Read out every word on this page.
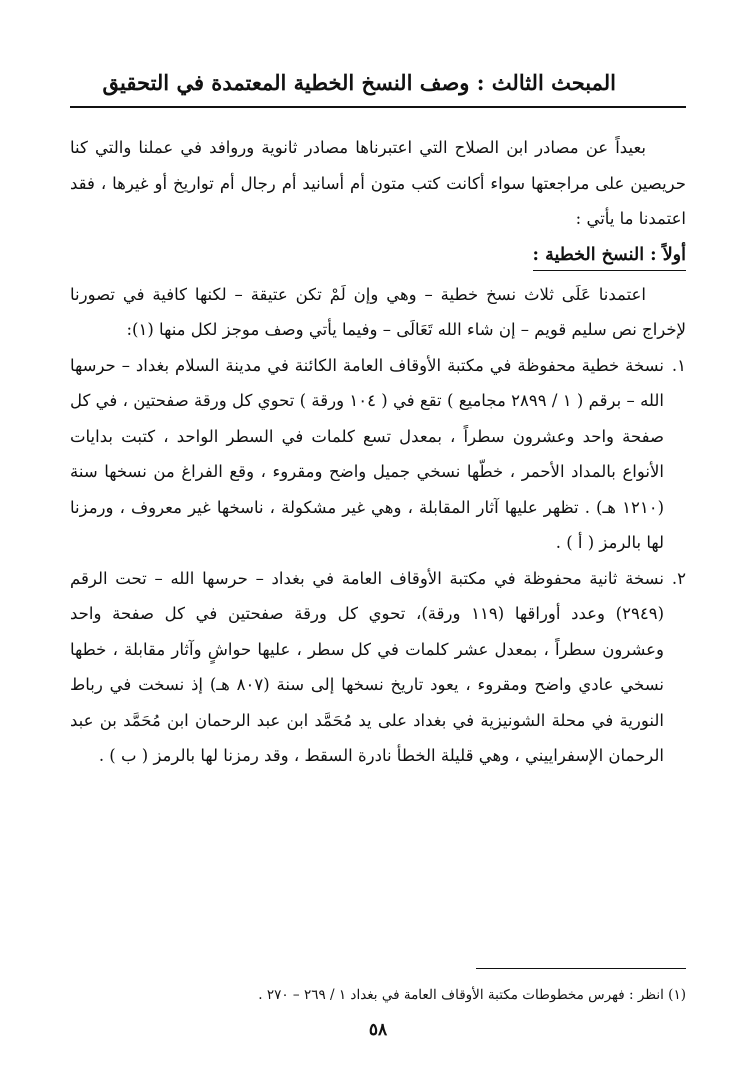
المبحث الثالث : وصف النسخ الخطية المعتمدة في التحقيق

بعيداً عن مصادر ابن الصلاح التي اعتبرناها مصادر ثانوية وروافد في عملنا والتي كنا حريصين على مراجعتها سواء أكانت كتب متون أم أسانيد أم رجال أم تواريخ أو غيرها ، فقد اعتمدنا ما يأتي :

أولاً : النسخ الخطية :

اعتمدنا عَلَى ثلاث نسخ خطية – وهي وإن لَمْ تكن عتيقة – لكنها كافية في تصورنا لإخراج نص سليم قويم – إن شاء الله تَعَالَى – وفيما يأتي وصف موجز لكل منها (١):

١.
نسخة خطية محفوظة في مكتبة الأوقاف العامة الكائنة في مدينة السلام بغداد – حرسها الله – برقم ( ١ / ٢٨٩٩ مجاميع ) تقع في ( ١٠٤ ورقة ) تحوي كل ورقة صفحتين ، في كل صفحة واحد وعشرون سطراً ، بمعدل تسع كلمات في السطر الواحد ، كتبت بدايات الأنواع بالمداد الأحمر ، خطّها نسخي جميل واضح ومقروء ، وقع الفراغ من نسخها سنة (١٢١٠ هـ) . تظهر عليها آثار المقابلة ، وهي غير مشكولة ، ناسخها غير معروف ، ورمزنا لها بالرمز ( أ ) .
٢.
نسخة ثانية محفوظة في مكتبة الأوقاف العامة في بغداد – حرسها الله – تحت الرقم (٢٩٤٩) وعدد أوراقها (١١٩ ورقة)، تحوي كل ورقة صفحتين في كل صفحة واحد وعشرون سطراً ، بمعدل عشر كلمات في كل سطر ، عليها حواشٍ وآثار مقابلة ، خطها نسخي عادي واضح ومقروء ، يعود تاريخ نسخها إلى سنة (٨٠٧ هـ) إذ نسخت في رباط النورية في محلة الشونيزية في بغداد على يد مُحَمَّد ابن عبد الرحمان ابن مُحَمَّد بن عبد الرحمان الإسفراييني ، وهي قليلة الخطأ نادرة السقط ، وقد رمزنا لها بالرمز ( ب ) .
(١) انظر : فهرس مخطوطات مكتبة الأوقاف العامة في بغداد ١ / ٢٦٩ – ٢٧٠ .
٥٨
